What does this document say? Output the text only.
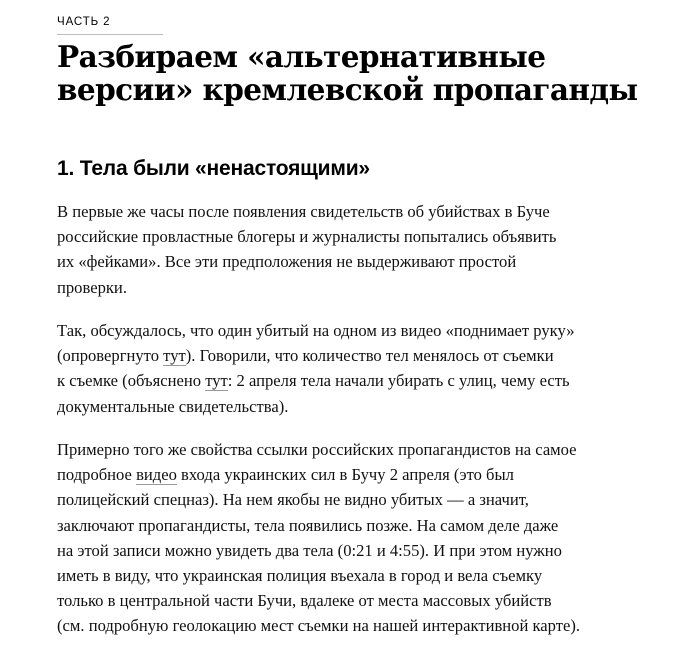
ЧАСТЬ 2
Разбираем «альтернативные
версии» кремлевской пропаганды
1. Тела были «ненастоящими»

В первые же часы после появления свидетельств об убийствах в Буче
российские провластные блогеры и журналисты попытались объявить
их «фейками». Все эти предположения не выдерживают простой
проверки.

Так, обсуждалось, что один убитый на одном из видео «поднимает руку»
(опровергнуто тут). Говорили, что количество тел менялось от съемки
к съемке (объяснено тут: 2 апреля тела начали убирать с улиц, чему есть
документальные свидетельства).

Примерно того же свойства ссылки российских пропагандистов на самое
подробное видео входа украинских сил в Бучу 2 апреля (это был
полицейский спецназ). На нем якобы не видно убитых — а значит,
заключают пропагандисты, тела появились позже. На самом деле даже
на этой записи можно увидеть два тела (0:21 и 4:55). И при этом нужно
иметь в виду, что украинская полиция въехала в город и вела съемку
только в центральной части Бучи, вдалеке от места массовых убийств
(см. подробную геолокацию мест съемки на нашей интерактивной карте).
